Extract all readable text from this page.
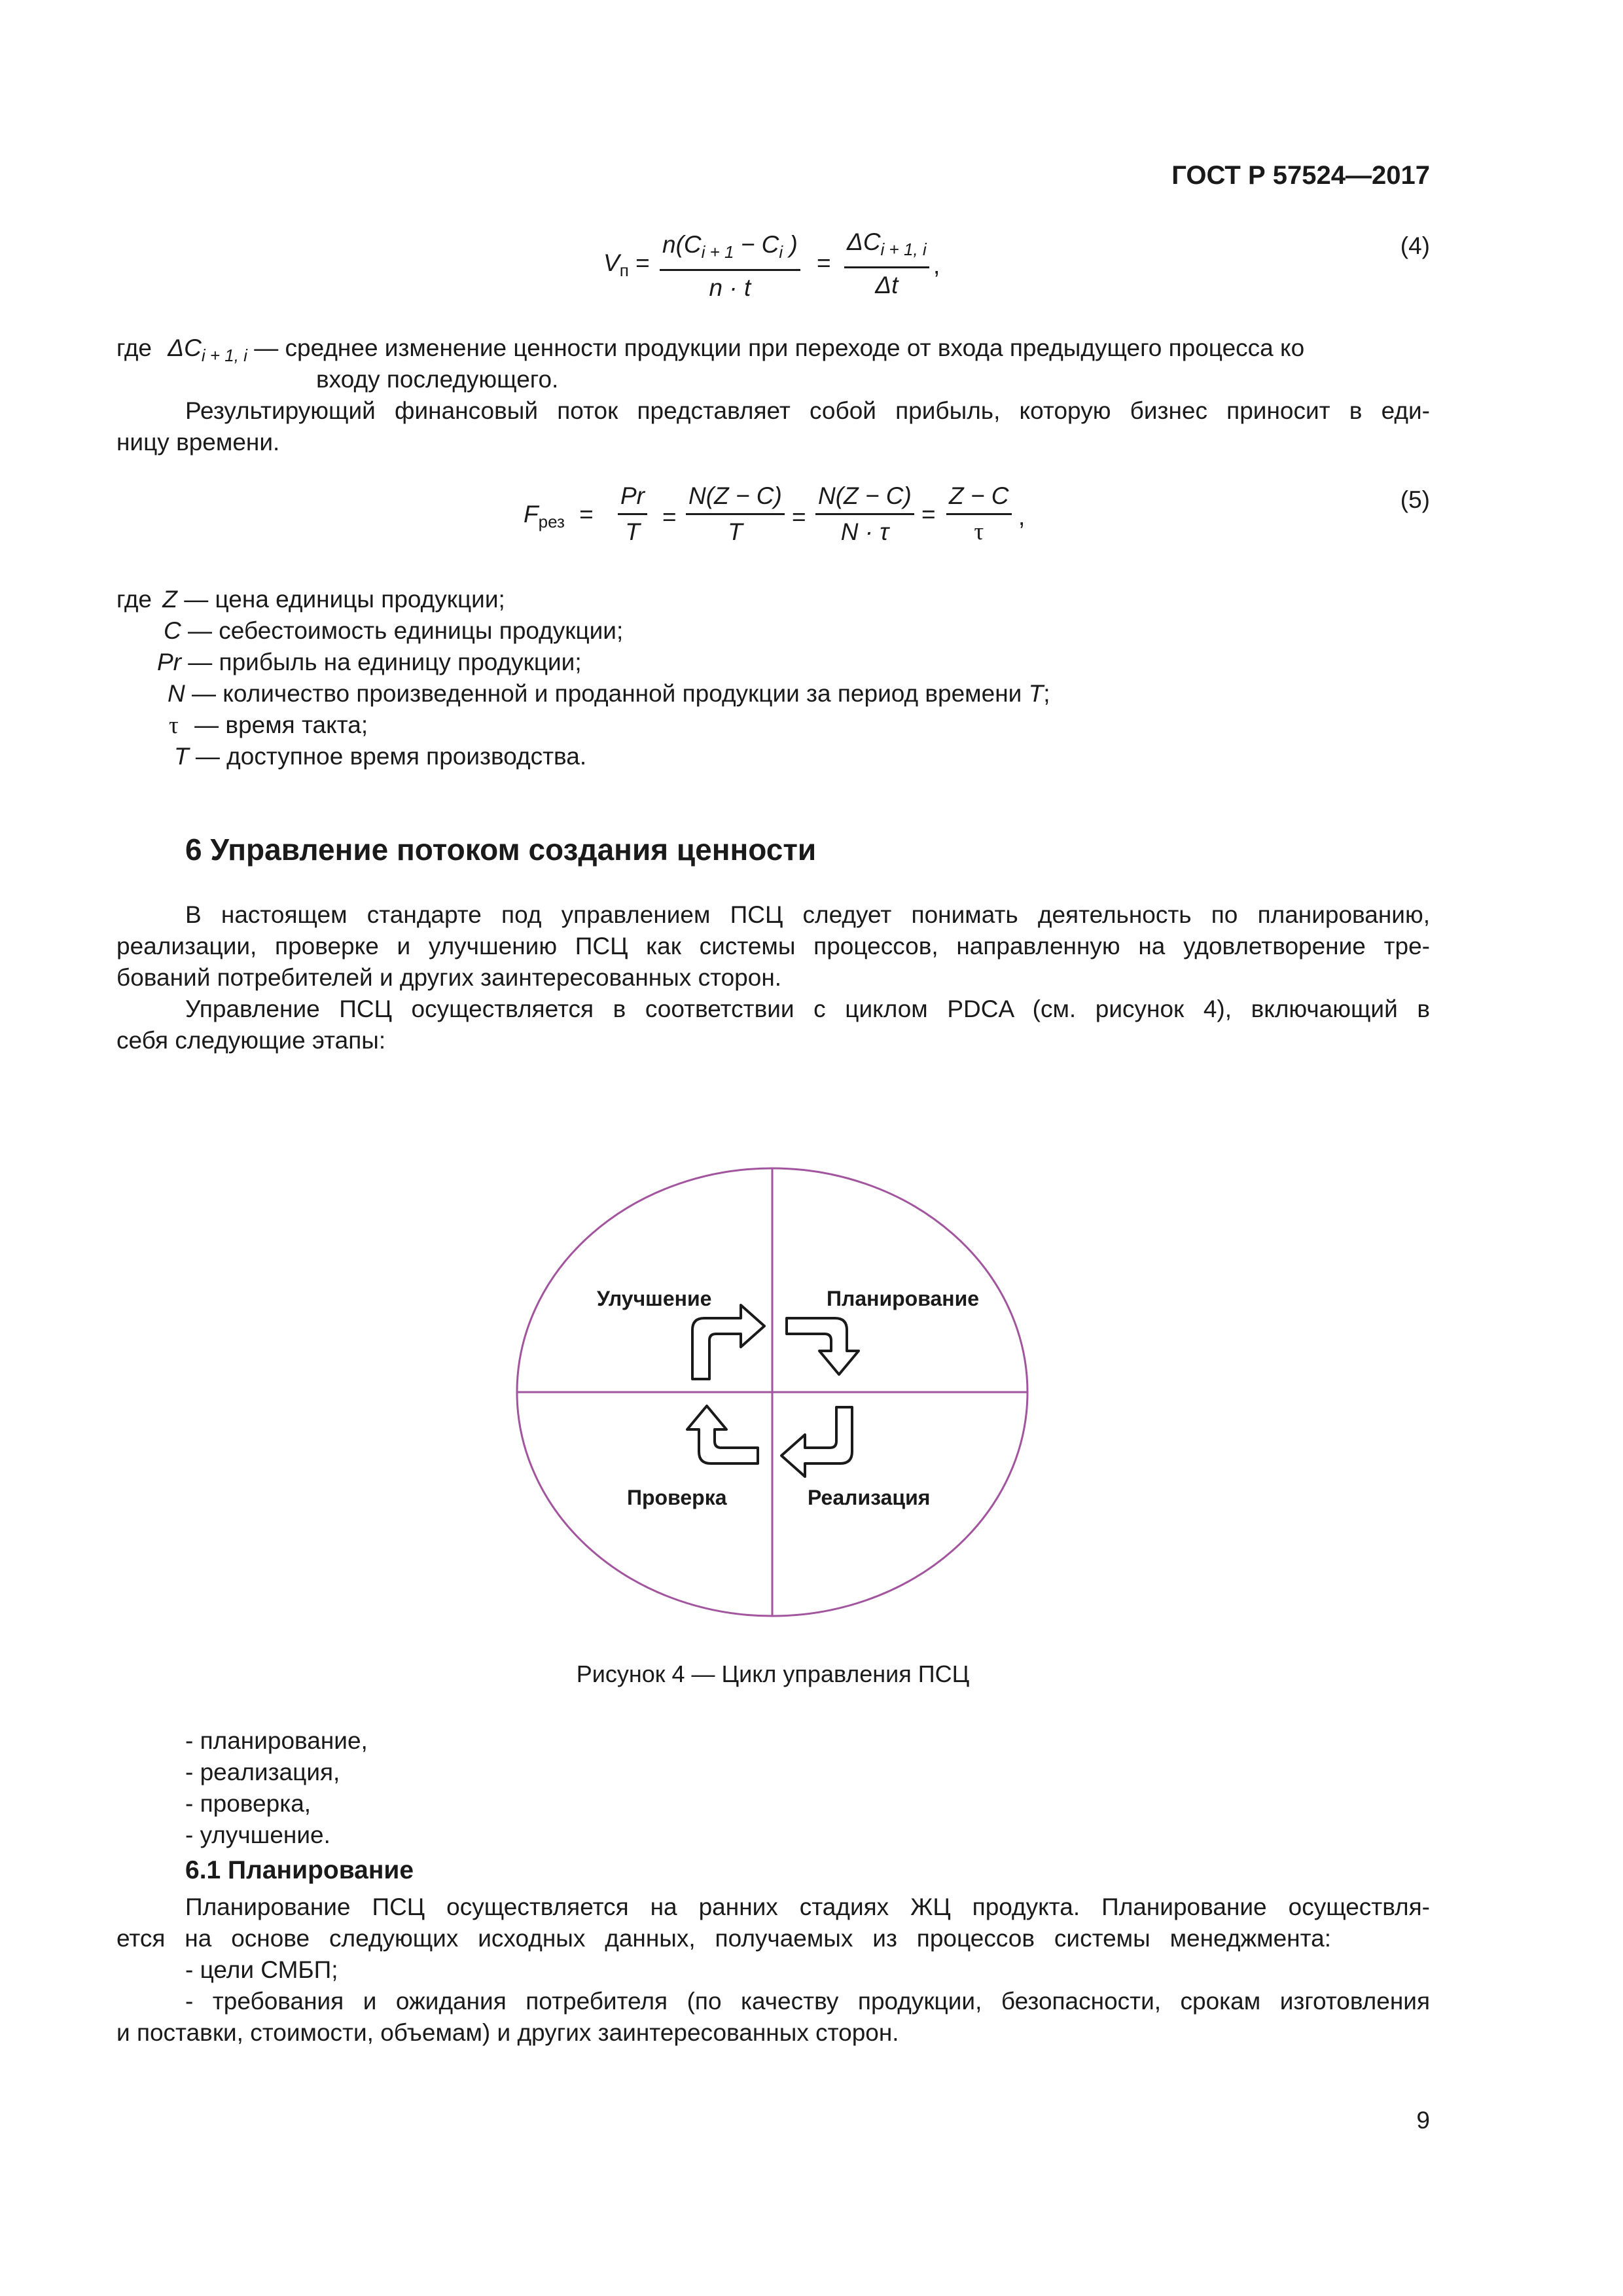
ГОСТ Р 57524—2017
$V_п$ =
$n(C_{i + 1} - C_i$ )
n · t
=
$\Delta C_{i + 1, i}$
Δt
,
(4)
где $\Delta C_{i + 1, i}$ — среднее изменение ценности продукции при переходе от входа предыдущего процесса ко
входу последующего.
Результирующий финансовый поток представляет собой прибыль, которую бизнес приносит в еди-
ницу времени.
$F_{рез}$ =
Pr
T
=
N(Z − C)
T
=
N(Z − C)
N · τ
=
Z − C
τ
,
(5)
где Z — цена единицы продукции;
C — себестоимость единицы продукции;
Pr — прибыль на единицу продукции;
N — количество произведенной и проданной продукции за период времени T;
τ — время такта;
T — доступное время производства.
6 Управление потоком создания ценности
В настоящем стандарте под управлением ПСЦ следует понимать деятельность по планированию,
реализации, проверке и улучшению ПСЦ как системы процессов, направленную на удовлетворение тре-
бований потребителей и других заинтересованных сторон.
Управление ПСЦ осуществляется в соответствии с циклом PDCA (см. рисунок 4), включающий в
себя следующие этапы:
Улучшение	Планирование
Проверка	Реализация
Рисунок 4 — Цикл управления ПСЦ
- планирование,
- реализация,
- проверка,
- улучшение.
6.1 Планирование
Планирование ПСЦ осуществляется на ранних стадиях ЖЦ продукта. Планирование осуществля-
ется на основе следующих исходных данных, получаемых из процессов системы менеджмента:
- цели СМБП;
- требования и ожидания потребителя (по качеству продукции, безопасности, срокам изготовления
и поставки, стоимости, объемам) и других заинтересованных сторон.
9
